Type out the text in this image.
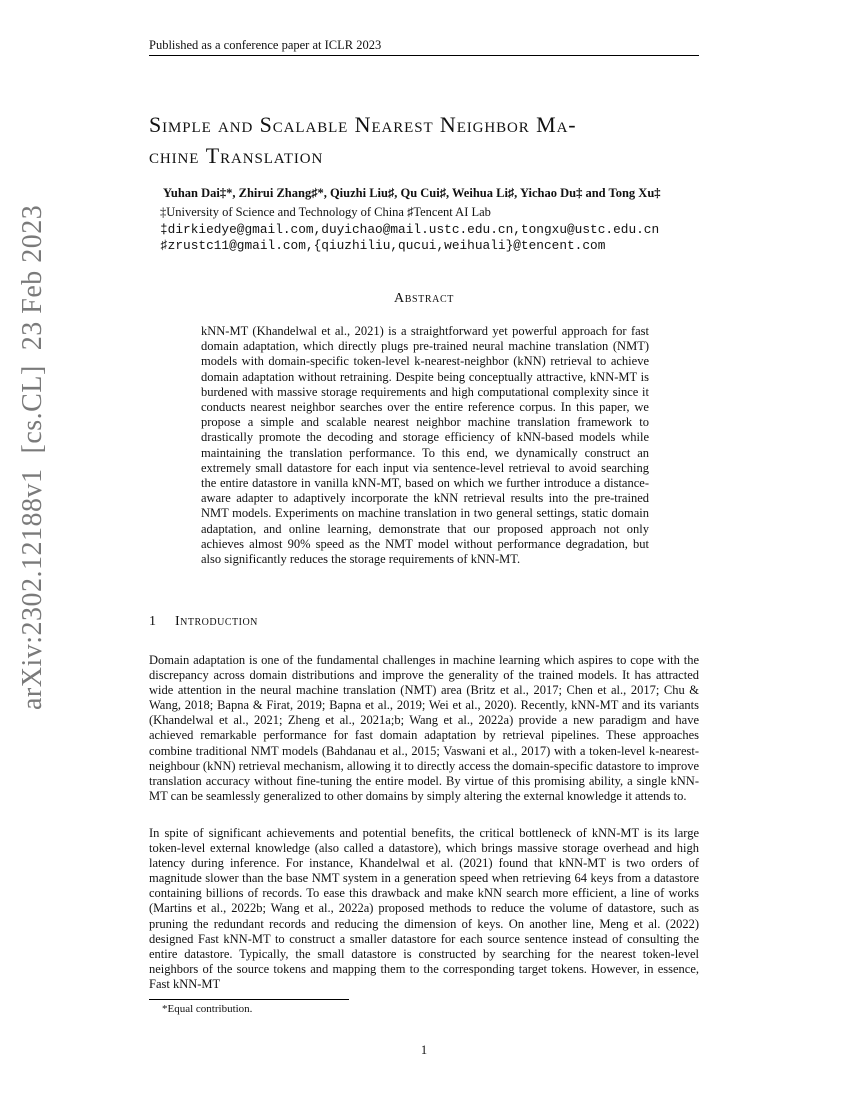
arXiv:2302.12188v1  [cs.CL]  23 Feb 2023
Published as a conference paper at ICLR 2023
Simple and Scalable Nearest Neighbor Ma-
chine Translation
Yuhan Dai‡*, Zhirui Zhang♯*, Qiuzhi Liu♯, Qu Cui♯, Weihua Li♯, Yichao Du‡ and Tong Xu‡
‡University of Science and Technology of China ♯Tencent AI Lab
‡dirkiedye@gmail.com,duyichao@mail.ustc.edu.cn,tongxu@ustc.edu.cn
♯zrustc11@gmail.com,{qiuzhiliu,qucui,weihuali}@tencent.com
Abstract
kNN-MT (Khandelwal et al., 2021) is a straightforward yet powerful approach for fast domain adaptation, which directly plugs pre-trained neural machine translation (NMT) models with domain-specific token-level k-nearest-neighbor (kNN) retrieval to achieve domain adaptation without retraining. Despite being conceptually attractive, kNN-MT is burdened with massive storage requirements and high computational complexity since it conducts nearest neighbor searches over the entire reference corpus. In this paper, we propose a simple and scalable nearest neighbor machine translation framework to drastically promote the decoding and storage efficiency of kNN-based models while maintaining the translation performance. To this end, we dynamically construct an extremely small datastore for each input via sentence-level retrieval to avoid searching the entire datastore in vanilla kNN-MT, based on which we further introduce a distance-aware adapter to adaptively incorporate the kNN retrieval results into the pre-trained NMT models. Experiments on machine translation in two general settings, static domain adaptation, and online learning, demonstrate that our proposed approach not only achieves almost 90% speed as the NMT model without performance degradation, but also significantly reduces the storage requirements of kNN-MT.
1 Introduction
Domain adaptation is one of the fundamental challenges in machine learning which aspires to cope with the discrepancy across domain distributions and improve the generality of the trained models. It has attracted wide attention in the neural machine translation (NMT) area (Britz et al., 2017; Chen et al., 2017; Chu & Wang, 2018; Bapna & Firat, 2019; Bapna et al., 2019; Wei et al., 2020). Recently, kNN-MT and its variants (Khandelwal et al., 2021; Zheng et al., 2021a;b; Wang et al., 2022a) provide a new paradigm and have achieved remarkable performance for fast domain adaptation by retrieval pipelines. These approaches combine traditional NMT models (Bahdanau et al., 2015; Vaswani et al., 2017) with a token-level k-nearest-neighbour (kNN) retrieval mechanism, allowing it to directly access the domain-specific datastore to improve translation accuracy without fine-tuning the entire model. By virtue of this promising ability, a single kNN-MT can be seamlessly generalized to other domains by simply altering the external knowledge it attends to.
In spite of significant achievements and potential benefits, the critical bottleneck of kNN-MT is its large token-level external knowledge (also called a datastore), which brings massive storage overhead and high latency during inference. For instance, Khandelwal et al. (2021) found that kNN-MT is two orders of magnitude slower than the base NMT system in a generation speed when retrieving 64 keys from a datastore containing billions of records. To ease this drawback and make kNN search more efficient, a line of works (Martins et al., 2022b; Wang et al., 2022a) proposed methods to reduce the volume of datastore, such as pruning the redundant records and reducing the dimension of keys. On another line, Meng et al. (2022) designed Fast kNN-MT to construct a smaller datastore for each source sentence instead of consulting the entire datastore. Typically, the small datastore is constructed by searching for the nearest token-level neighbors of the source tokens and mapping them to the corresponding target tokens. However, in essence, Fast kNN-MT
*Equal contribution.
1
